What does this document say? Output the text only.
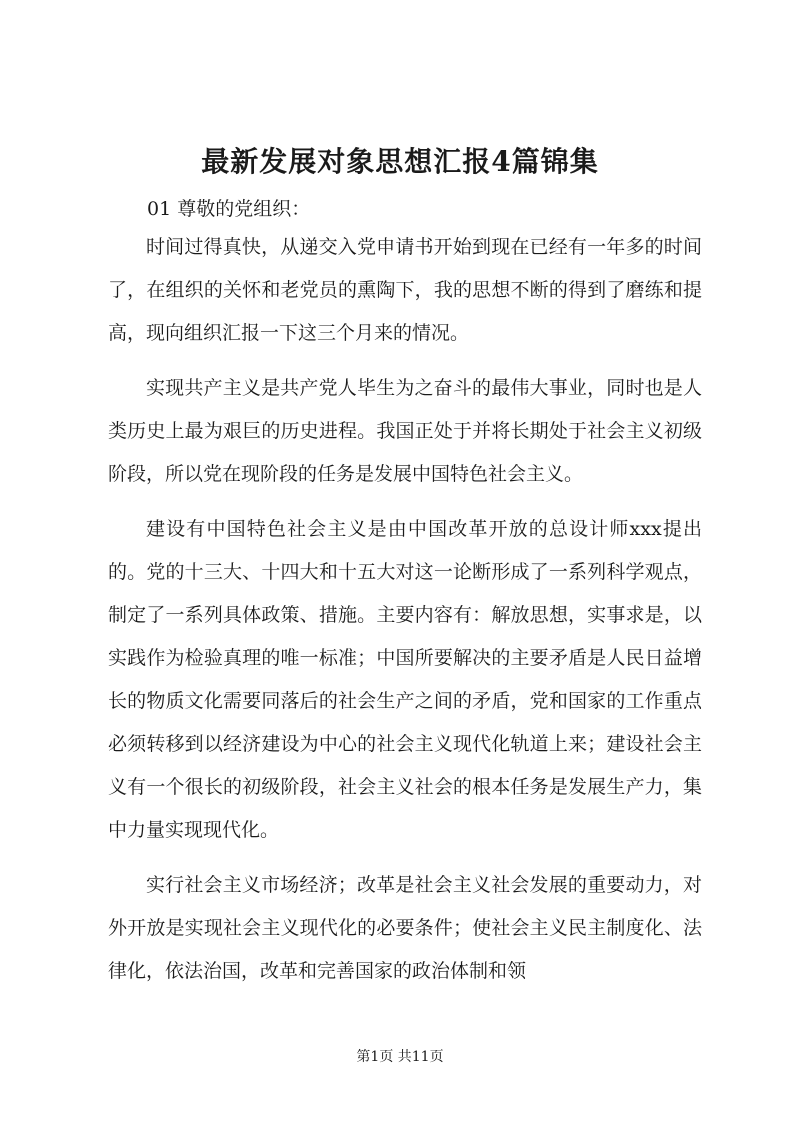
最新发展对象思想汇报4篇锦集
01 尊敬的党组织：

时间过得真快，从递交入党申请书开始到现在已经有一年多的时间了，在组织的关怀和老党员的熏陶下，我的思想不断的得到了磨练和提高，现向组织汇报一下这三个月来的情况。

实现共产主义是共产党人毕生为之奋斗的最伟大事业，同时也是人类历史上最为艰巨的历史进程。我国正处于并将长期处于社会主义初级阶段，所以党在现阶段的任务是发展中国特色社会主义。

建设有中国特色社会主义是由中国改革开放的总设计师xxx提出的。党的十三大、十四大和十五大对这一论断形成了一系列科学观点，制定了一系列具体政策、措施。主要内容有：解放思想，实事求是，以实践作为检验真理的唯一标准；中国所要解决的主要矛盾是人民日益增长的物质文化需要同落后的社会生产之间的矛盾，党和国家的工作重点必须转移到以经济建设为中心的社会主义现代化轨道上来；建设社会主义有一个很长的初级阶段，社会主义社会的根本任务是发展生产力，集中力量实现现代化。

实行社会主义市场经济；改革是社会主义社会发展的重要动力，对外开放是实现社会主义现代化的必要条件；使社会主义民主制度化、法律化，依法治国，改革和完善国家的政治体制和领

第1页 共11页
